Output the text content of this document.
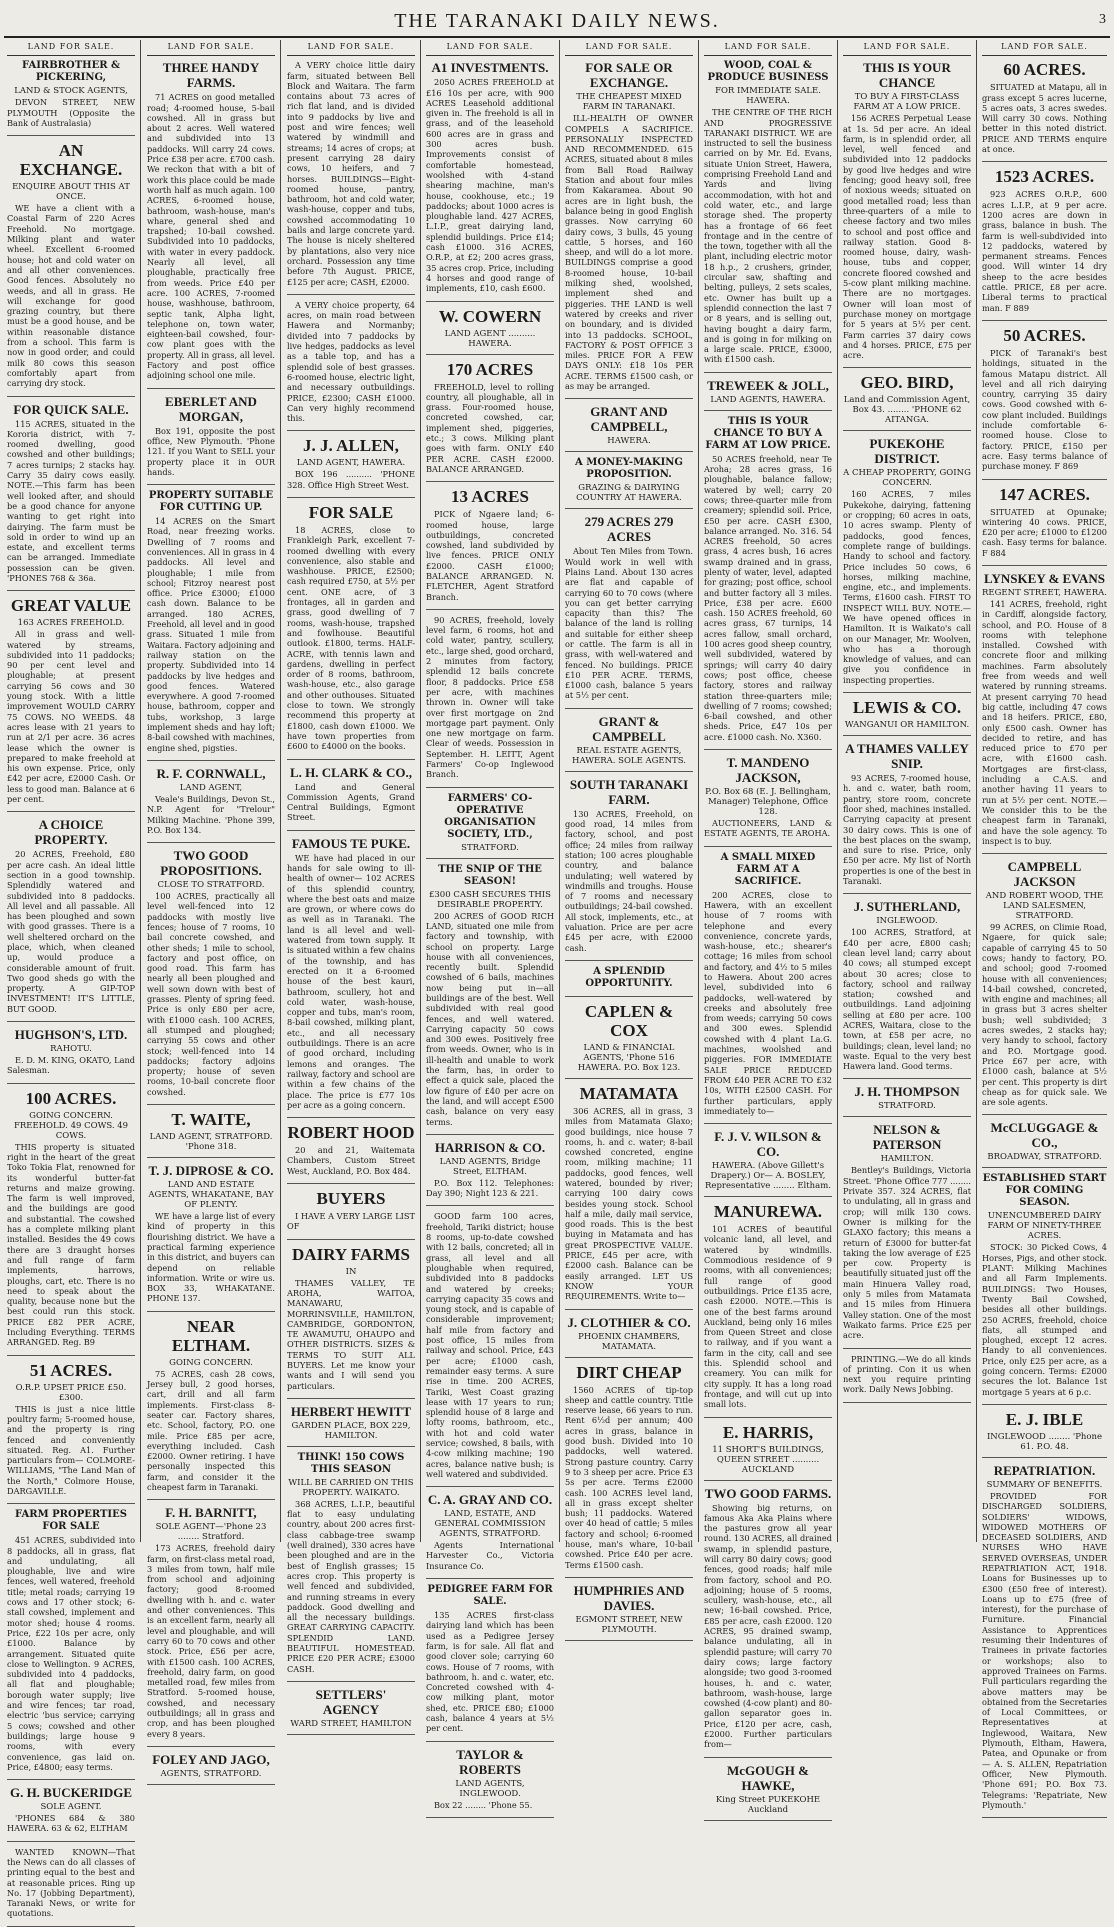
THE TARANAKI DAILY NEWS.	3
LAND FOR SALE.
FAIRBROTHER & PICKERING,
LAND & STOCK AGENTS,

DEVON STREET, NEW PLYMOUTH (Opposite the Bank of Australasia)

AN EXCHANGE.
ENQUIRE ABOUT THIS AT ONCE.

WE have a client with a Coastal Farm of 220 Acres Freehold. No mortgage. Milking plant and water wheel. Excellent 6-roomed house; hot and cold water on and all other conveniences. Good fences. Absolutely no weeds, and all in grass. He will exchange for good grazing country, but there must be a good house, and be within reasonable distance from a school. This farm is now in good order, and could milk 80 cows this season comfortably apart from carrying dry stock.

FOR QUICK SALE.

115 ACRES, situated in the Kororia district, with 7-roomed dwelling, good cowshed and other buildings; 7 acres turnips; 2 stacks hay. Carry 35 dairy cows easily. NOTE.—This farm has been well looked after, and should be a good chance for anyone wanting to get right into dairying. The farm must be sold in order to wind up an estate, and excellent terms can be arranged. Immediate possession can be given. 'PHONES 768 & 36a.

GREAT VALUE
163 ACRES FREEHOLD.

All in grass and well-watered by streams, subdivided into 11 paddocks; 90 per cent level and ploughable; at present carrying 56 cows and 30 young stock. With a little improvement WOULD CARRY 75 COWS. NO WEEDS. 48 acres lease with 21 years to run at 2/1 per acre. 36 acres lease which the owner is prepared to make freehold at his own expense. Price, only £42 per acre, £2000 Cash. Or less to good man. Balance at 6 per cent.

A CHOICE PROPERTY.

20 ACRES, Freehold, £80 per acre cash. An ideal little section in a good township. Splendidly watered and subdivided into 8 paddocks. All level and all passable. All has been ploughed and sown with good grasses. There is a well sheltered orchard on the place, which, when cleaned up, would produce a considerable amount of fruit. Two good sheds go with the property. A GIP-TOP INVESTMENT! IT'S LITTLE, BUT GOOD.

HUGHSON'S, LTD.
RAHOTU.

E. D. M. KING, OKATO, Land Salesman.

100 ACRES.
GOING CONCERN. FREEHOLD. 49 COWS. 49 COWS.

THIS property is situated right in the heart of the great Toko Tokia Flat, renowned for its wonderful butter-fat returns and maize growing. The farm is well improved, and the buildings are good and substantial. The cowshed has a complete milking plant installed. Besides the 49 cows there are 3 draught horses and full range of farm implements, harrows, ploughs, cart, etc. There is no need to speak about the quality, because none but the best could run this stock. PRICE £82 PER ACRE, Including Everything. TERMS ARRANGED. Reg. B9

51 ACRES.
O.R.P. UPSET PRICE £50. £300.

THIS is just a nice little poultry farm; 5-roomed house, and the property is ring fenced and conveniently situated. Reg. A1. Further particulars from— COLMORE-WILLIAMS, "The Land Man of the North," Colmore House, DARGAVILLE.

FARM PROPERTIES FOR SALE

451 ACRES, subdivided into 8 paddocks, all in grass, flat and undulating, all ploughable, live and wire fences, well watered, freehold title; metal roads; carrying 19 cows and 17 other stock; 6-stall cowshed, implement and motor shed; house 4 rooms. Price, £22 10s per acre, only £1000. Balance by arrangement. Situated quite close to Wellington. 9 ACRES, subdivided into 4 paddocks, all flat and ploughable; borough water supply; live and wire fences; tar road, electric 'bus service; carrying 5 cows; cowshed and other buildings; large house 9 rooms, with every convenience, gas laid on. Price, £4800; easy terms.

G. H. BUCKERIDGE
SOLE AGENT.

'PHONES 684 & 380 HAWERA. 63 & 62, ELTHAM

WANTED KNOWN—That the News can do all classes of printing equal to the best and at reasonable prices. Ring up No. 17 (Jobbing Department), Taranaki News, or write for quotations.

LAND FOR SALE.
THREE HANDY FARMS.

71 ACRES on good metalled road; 4-roomed house, 5-bail cowshed. All in grass but about 2 acres. Well watered and subdivided into 13 paddocks. Will carry 24 cows. Price £38 per acre. £700 cash. We reckon that with a bit of work this place could be made worth half as much again. 100 ACRES, 6-roomed house, bathroom, wash-house, man's whare, general shed and trapshed; 10-bail cowshed. Subdivided into 10 paddocks, with water in every paddock. Nearly all level, all ploughable, practically free from weeds. Price £40 per acre. 100 ACRES, 7-roomed house, washhouse, bathroom, septic tank, Alpha light, telephone on, town water, eighteen-bail cowshed, four-cow plant goes with the property. All in grass, all level. Factory and post office adjoining school one mile.

EBERLET AND MORGAN,

Box 191, opposite the post office, New Plymouth. 'Phone 121. If you Want to SELL your property place it in OUR hands.

PROPERTY SUITABLE FOR CUTTING UP.

14 ACRES on the Smart Road, near freezing works. Dwelling of 7 rooms and conveniences. All in grass in 4 paddocks. All level and ploughable; 1 mile from school; Fitzroy nearest post office. Price £3000; £1000 cash down. Balance to be arranged. 180 ACRES, Freehold, all level and in good grass. Situated 1 mile from Waitara. Factory adjoining and railway station on the property. Subdivided into 14 paddocks by live hedges and good fences. Watered everywhere. A good 7-roomed house, bathroom, copper and tubs, workshop, 3 large implement sheds and hay loft; 8-bail cowshed with machines, engine shed, pigsties.

R. F. CORNWALL,
LAND AGENT,

Veale's Buildings, Devon St., N.P. Agent for "Trelour" Milking Machine. 'Phone 399, P.O. Box 134.

TWO GOOD PROPOSITIONS.
CLOSE TO STRATFORD.

100 ACRES, practically all level well-fenced into 12 paddocks with mostly live fences; house of 7 rooms, 10 bail concrete cowshed, and other sheds; 1 mile to school, factory and post office, on good road. This farm has nearly all been ploughed and well sown down with best of grasses. Plenty of spring feed. Price is only £80 per acre, with £1000 cash. 100 ACRES, all stumped and ploughed; carrying 55 cows and other stock; well-fenced into 14 paddocks; factory adjoins property; house of seven rooms, 10-bail concrete floor cowshed.

T. WAITE,
LAND AGENT, STRATFORD. 'Phone 318.
T. J. DIPROSE & CO.
LAND AND ESTATE AGENTS, WHAKATANE, BAY OF PLENTY.

WE have a large list of every kind of property in this flourishing district. We have a practical farming experience in this district, and buyers can depend on reliable information. Write or wire us. BOX 33, WHAKATANE. PHONE 137.

NEAR ELTHAM.
GOING CONCERN.

75 ACRES, cash 28 cows, Jersey bull, 2 good horses, cart, drill and all farm implements. First-class 8-seater car. Factory shares, etc. School, factory, P.O. one mile. Price £85 per acre, everything included. Cash £2000. Owner retiring. I have personally inspected this farm, and consider it the cheapest farm in Taranaki.

F. H. BARNITT,
SOLE AGENT—'Phone 23 ........ Stratford.

173 ACRES, freehold dairy farm, on first-class metal road, 3 miles from town, half mile from school and adjoining factory; good 8-roomed dwelling with h. and c. water and other conveniences. This is an excellent farm, nearly all level and ploughable, and will carry 60 to 70 cows and other stock. Price, £56 per acre, with £1500 cash. 100 ACRES, freehold, dairy farm, on good metalled road, few miles from Stratford. 5-roomed house, cowshed, and necessary outbuildings; all in grass and crop, and has been ploughed every 8 years.

FOLEY AND JAGO,
AGENTS, STRATFORD.
LAND FOR SALE.

A VERY choice little dairy farm, situated between Bell Block and Waitara. The farm contains about 73 acres of rich flat land, and is divided into 9 paddocks by live and post and wire fences; well watered by windmill and streams; 14 acres of crops; at present carrying 28 dairy cows, 10 heifers, and 7 horses. BUILDINGS—Eight-roomed house, pantry, bathroom, hot and cold water, wash-house, copper and tubs, cowshed accommodating 10 bails and large concrete yard. The house is nicely sheltered by plantations, also very nice orchard. Possession any time before 7th August. PRICE, £125 per acre; CASH, £2000.

A VERY choice property, 64 acres, on main road between Hawera and Normanby; divided into 7 paddocks by live hedges, paddocks as level as a table top, and has a splendid sole of best grasses. 6-roomed house, electric light, and necessary outbuildings. PRICE, £2300; CASH £1000. Can very highly recommend this.

J. J. ALLEN,
LAND AGENT, HAWERA.

BOX 196 .......... 'PHONE 328. Office High Street West.

FOR SALE

18 ACRES, close to Frankleigh Park, excellent 7-roomed dwelling with every convenience, also stable and washhouse. PRICE, £2500; cash required £750, at 5½ per cent. ONE acre, of 3 frontages, all in garden and grass, good dwelling of 7 rooms, wash-house, trapshed and fowlhouse. Beautiful outlook. £1800, terms. HALF-ACRE, with tennis lawn and gardens, dwelling in perfect order of 8 rooms, bathroom, wash-house, etc., also garage and other outhouses. Situated close to town. We strongly recommend this property at £1800, cash down £1000. We have town properties from £600 to £4000 on the books.

L. H. CLARK & CO.,

Land and General Commission Agents, Grand Central Buildings, Egmont Street.

FAMOUS TE PUKE.

WE have had placed in our hands for sale owing to ill-health of owner— 102 ACRES of this splendid country, where the best oats and maize are grown, or where cows do as well as in Taranaki. The land is all level and well-watered from town supply. It is situated within a few chains of the township, and has erected on it a 6-roomed house of the best kauri, bathroom, scullery, hot and cold water, wash-house, copper and tubs, man's room, 8-bail cowshed, milking plant, etc., and all necessary outbuildings. There is an acre of good orchard, including lemons and oranges. The railway, factory and school are within a few chains of the place. The price is £77 10s per acre as a going concern.

ROBERT HOOD

20 and 21, Waitemata Chambers, Custom Street West, Auckland, P.O. Box 484.

BUYERS

I HAVE A VERY LARGE LIST OF

DAIRY FARMS
IN

THAMES VALLEY, TE AROHA, WAITOA, MANAWARU, MORRINSVILLE, HAMILTON, CAMBRIDGE, GORDONTON, TE AWAMUTU, OHAUPO and OTHER DISTRICTS. SIZES & TERMS TO SUIT ALL BUYERS. Let me know your wants and I will send you particulars.

HERBERT HEWITT
GARDEN PLACE, BOX 229, HAMILTON.
THINK! 150 COWS THIS SEASON
WILL BE CARRIED ON THIS PROPERTY. WAIKATO.

368 ACRES, L.I.P., beautiful flat to easy undulating country, about 200 acres first-class cabbage-tree swamp (well drained), 330 acres have been ploughed and are in the best of English grasses; 15 acres crop. This property is well fenced and subdivided, and running streams in every paddock. Good dwelling and all the necessary buildings. GREAT CARRYING CAPACITY. SPLENDID LAND. BEAUTIFUL HOMESTEAD. PRICE £20 PER ACRE; £3000 CASH.

SETTLERS' AGENCY
WARD STREET, HAMILTON
LAND FOR SALE.
A1 INVESTMENTS.

2050 ACRES FREEHOLD at £16 10s per acre, with 900 ACRES Leasehold additional given in. The freehold is all in grass, and of the leasehold 600 acres are in grass and 300 acres bush. Improvements consist of comfortable homestead, woolshed with 4-stand shearing machine, man's house, cookhouse, etc.; 19 paddocks; about 1000 acres is ploughable land. 427 ACRES, L.I.P., great dairying land, splendid buildings. Price £14; cash £1000. 316 ACRES, O.R.P., at £2; 200 acres grass, 35 acres crop. Price, including 4 horses and good range of implements, £10, cash £600.

W. COWERN
LAND AGENT .......... HAWERA.
170 ACRES

FREEHOLD, level to rolling country, all ploughable, all in grass. Four-roomed house, concreted cowshed, car, implement shed, piggeries, etc.; 3 cows. Milking plant goes with farm. ONLY £40 PER ACRE. CASH £2000. BALANCE ARRANGED.

13 ACRES

PICK of Ngaere land; 6-roomed house, large outbuildings, concreted cowshed, land subdivided by live fences. PRICE ONLY £2000. CASH £1000; BALANCE ARRANGED. N. FLETCHER, Agent Stratford Branch.

90 ACRES, freehold, lovely level farm, 6 rooms, hot and cold water, pantry, scullery, etc., large shed, good orchard, 2 minutes from factory, splendid 12 bails concrete floor, 8 paddocks. Price £58 per acre, with machines thrown in. Owner will take over first mortgage on 2nd mortgage part payment. Only one new mortgage on farm. Clear of weeds. Possession in September. H. LEITT, Agent Farmers' Co-op Inglewood Branch.

FARMERS' CO-OPERATIVE ORGANISATION SOCIETY, LTD.,
STRATFORD.
THE SNIP OF THE SEASON!
£300 CASH SECURES THIS DESIRABLE PROPERTY.

200 ACRES of GOOD RICH LAND, situated one mile from factory and township, with school on property. Large house with all conveniences, recently built. Splendid cowshed of 6 bails, machines now being put in—all buildings are of the best. Well subdivided with real good fences, and well watered. Carrying capacity 50 cows and 300 ewes. Positively free from weeds. Owner, who is in ill-health and unable to work the farm, has, in order to effect a quick sale, placed the low figure of £40 per acre on the land, and will accept £500 cash, balance on very easy terms.

HARRISON & CO.
LAND AGENTS, Bridge Street, ELTHAM.

P.O. Box 112. Telephones: Day 390; Night 123 & 221.

GOOD farm 100 acres, freehold, Tariki district; house 8 rooms, up-to-date cowshed with 12 bails, concreted; all in grass, all level and all ploughable when required, subdivided into 8 paddocks and watered by creeks; carrying capacity 35 cows and young stock, and is capable of considerable improvement; half mile from factory and post office, 15 miles from railway and school. Price, £43 per acre; £1000 cash, remainder easy terms. A sure rise in time. 200 ACRES, Tariki, West Coast grazing lease with 17 years to run; splendid house of 8 large and lofty rooms, bathroom, etc., with hot and cold water service; cowshed, 8 bails, with 4-cow milking machine; 190 acres, balance native bush; is well watered and subdivided.

C. A. GRAY AND CO.
LAND, ESTATE, AND GENERAL COMMISSION AGENTS, STRATFORD.

Agents International Harvester Co., Victoria Insurance Co.

PEDIGREE FARM FOR SALE.

135 ACRES first-class dairying land which has been used as a Pedigree Jersey farm, is for sale. All flat and good clover sole; carrying 60 cows. House of 7 rooms, with bathroom, h. and c. water, etc. Concreted cowshed with 4-cow milking plant, motor shed, etc. PRICE £80; £1000 cash, balance 4 years at 5½ per cent.

TAYLOR & ROBERTS
LAND AGENTS, INGLEWOOD.

Box 22 ........ 'Phone 55.

LAND FOR SALE.
FOR SALE OR EXCHANGE.
THE CHEAPEST MIXED FARM IN TARANAKI.

ILL-HEALTH OF OWNER COMPELS A SACRIFICE. PERSONALLY INSPECTED AND RECOMMENDED. 615 ACRES, situated about 8 miles from Ball Road Railway Station and about four miles from Kakaramea. About 90 acres are in light bush, the balance being in good English grasses. Now carrying 60 dairy cows, 3 bulls, 45 young cattle, 5 horses, and 160 sheep, and will do a lot more. BUILDINGS comprise a good 8-roomed house, 10-bail milking shed, woolshed, implement shed and piggeries. THE LAND is well watered by creeks and river on boundary, and is divided into 13 paddocks. SCHOOL, FACTORY & POST OFFICE 3 miles. PRICE FOR A FEW DAYS ONLY: £18 10s PER ACRE. TERMS £1500 cash, or as may be arranged.

GRANT AND CAMPBELL,
HAWERA.
A MONEY-MAKING PROPOSITION.
GRAZING & DAIRYING COUNTRY AT HAWERA.
279 ACRES 279 ACRES

About Ten Miles from Town. Would work in well with Plains Land. About 130 acres are flat and capable of carrying 60 to 70 cows (where you can get better carrying capacity than this? The balance of the land is rolling and suitable for either sheep or cattle. The farm is all in grass, with well-watered and fenced. No buildings. PRICE £10 PER ACRE. TERMS, £1000 cash, balance 5 years at 5½ per cent.

GRANT & CAMPBELL
REAL ESTATE AGENTS, HAWERA. SOLE AGENTS.
SOUTH TARANAKI FARM.

130 ACRES, Freehold, on good road, 14 miles from factory, school, and post office; 24 miles from railway station; 100 acres ploughable country, and balance undulating; well watered by windmills and troughs. House of 7 rooms and necessary outbuildings; 24-bail cowshed. All stock, implements, etc., at valuation. Price are per acre £45 per acre, with £2000 cash.

A SPLENDID OPPORTUNITY.
CAPLEN & COX
LAND & FINANCIAL AGENTS, 'Phone 516 HAWERA. P.O. Box 123.
MATAMATA

306 ACRES, all in grass, 3 miles from Matamata Glaxo; good buildings, nice house 7 rooms, h. and c. water; 8-bail cowshed concreted, engine room, milking machine; 11 paddocks, good fences, well watered, bounded by river; carrying 100 dairy cows besides young stock. School half a mile, daily mail service, good roads. This is the best buying in Matamata and has great PROSPECTIVE VALUE. PRICE, £45 per acre, with £2000 cash. Balance can be easily arranged. LET US KNOW YOUR REQUIREMENTS. Write to—

J. CLOTHIER & CO.
PHOENIX CHAMBERS, MATAMATA.
DIRT CHEAP

1560 ACRES of tip-top sheep and cattle country. Title reserve lease, 66 years to run. Rent 6½d per annum; 400 acres in grass, balance in good bush. Divided into 10 paddocks, well watered. Strong pasture country. Carry 9 to 3 sheep per acre. Price £3 5s per acre. Terms £2000 cash. 100 ACRES level land, all in grass except shelter bush; 11 paddocks. Watered over 40 head of cattle; 5 miles factory and school; 6-roomed house, man's whare, 10-bail cowshed. Price £40 per acre. Terms £1500 cash.

HUMPHRIES AND DAVIES.
EGMONT STREET, NEW PLYMOUTH.
LAND FOR SALE.
WOOD, COAL & PRODUCE BUSINESS
FOR IMMEDIATE SALE. HAWERA.

THE CENTRE OF THE RICH AND PROGRESSIVE TARANAKI DISTRICT. WE are instructed to sell the business carried on by Mr. Ed. Evans, situate Union Street, Hawera, comprising Freehold Land and Yards and living accommodation, with hot and cold water, etc., and large storage shed. The property has a frontage of 66 feet frontage and in the centre of the town, together with all the plant, including electric motor 18 h.p., 2 crushers, grinder, circular saw, shafting and belting, pulleys, 2 sets scales, etc. Owner has built up a splendid connection the last 7 or 8 years, and is selling out, having bought a dairy farm, and is going in for milking on a large scale. PRICE, £3000, with £1500 cash.

TREWEEK & JOLL,
LAND AGENTS, HAWERA.
THIS IS YOUR CHANCE TO BUY A FARM AT LOW PRICE.

50 ACRES freehold, near Te Aroha; 28 acres grass, 16 ploughable, balance fallow; watered by well; carry 20 cows; three-quarter mile from creamery; splendid soil. Price, £50 per acre. CASH £300, balance arranged. No. 316. 54 ACRES freehold, 50 acres grass, 4 acres bush, 16 acres swamp drained and in grass, plenty of water, level, adapted for grazing; post office, school and butter factory all 3 miles. Price, £38 per acre. £600 cash. 150 ACRES freehold, 60 acres grass, 67 turnips, 14 acres fallow, small orchard, 100 acres good sheep country, well subdivided, watered by springs; will carry 40 dairy cows; post office, cheese factory, stores and railway station three-quarters mile; dwelling of 7 rooms; cowshed; 6-bail cowshed, and other sheds. Price, £47 10s per acre. £1000 cash. No. X360.

T. MANDENO JACKSON,
P.O. Box 68 (E. J. Bellingham, Manager) Telephone, Office 128.

AUCTIONEERS, LAND & ESTATE AGENTS, TE AROHA.

A SMALL MIXED FARM AT A SACRIFICE.

200 ACRES, close to Hawera, with an excellent house of 7 rooms with telephone and every convenience, concrete yards, wash-house, etc.; shearer's cottage; 16 miles from school and factory, and 4½ to 5 miles to Hawera. About 200 acres level, subdivided into 6 paddocks, well-watered by creeks and absolutely free from weeds; carrying 50 cows and 300 ewes. Splendid cowshed with 4 plant La.G. machines, woolshed and piggeries. FOR IMMEDIATE SALE PRICE REDUCED FROM £40 PER ACRE TO £32 10s, WITH £2500 CASH. For further particulars, apply immediately to—

F. J. V. WILSON & CO.
HAWERA. (Above Gillett's Drapery.) Or— A. BOSLEY, Representative ........ Eltham.
MANUREWA.

101 ACRES of beautiful volcanic land, all level, and watered by windmills. Commodious residence of 9 rooms, with all conveniences; full range of good outbuildings. Price £135 acre, cash £2000. NOTE.—This is one of the best farms around Auckland, being only 16 miles from Queen Street and close to railway, and if you want a farm in the city, call and see this. Splendid school and creamery. You can milk for city supply. It has a long road frontage, and will cut up into small lots.

E. HARRIS,
11 SHORT'S BUILDINGS, QUEEN STREET .......... AUCKLAND
TWO GOOD FARMS.

Showing big returns, on famous Aka Aka Plains where the pastures grow all year round. 130 ACRES, all drained swamp, in splendid pasture, will carry 80 dairy cows; good fences, good roads; half mile from factory, school and P.O. adjoining; house of 5 rooms, scullery, wash-house, etc., all new; 16-bail cowshed. Price, £85 per acre, cash £2000. 120 ACRES, 95 drained swamp, balance undulating, all in splendid pasture; will carry 70 dairy cows; large factory alongside; two good 3-roomed houses, h. and c. water, bathroom, wash-house, large cowshed (4-cow plant) and 80-gallon separator goes in. Price, £120 per acre, cash, £2000. Further particulars from—

McGOUGH & HAWKE,
King Street PUKEKOHE Auckland
LAND FOR SALE.
THIS IS YOUR CHANCE
TO BUY A FIRST-CLASS FARM AT A LOW PRICE.

156 ACRES Perpetual Lease at 1s. 5d per acre. An ideal farm, is in splendid order, all level, well fenced and subdivided into 12 paddocks by good live hedges and wire fencing; good heavy soil, free of noxious weeds; situated on good metalled road; less than three-quarters of a mile to cheese factory and two miles to school and post office and railway station. Good 8-roomed house, dairy, wash-house, tubs and copper, concrete floored cowshed and 5-cow plant milking machine. There are no mortgages. Owner will loan most of purchase money on mortgage for 5 years at 5½ per cent. Farm carries 37 dairy cows and 4 horses. PRICE, £75 per acre.

GEO. BIRD,
Land and Commission Agent, Box 43. ........ 'PHONE 62 AITANGA.
PUKEKOHE DISTRICT.
A CHEAP PROPERTY, GOING CONCERN.

160 ACRES, 7 miles Pukekohe, dairying, fattening or cropping; 60 acres in oats, 10 acres swamp. Plenty of paddocks, good fences, complete range of buildings. Handy to school and factory. Price includes 50 cows, 6 horses, milking machine, engine, etc., and implements. Terms, £1600 cash. FIRST TO INSPECT WILL BUY. NOTE.—We have opened offices in Hamilton. It is Waikato's call on our Manager, Mr. Woolven, who has a thorough knowledge of values, and can give you confidence in inspecting properties.

LEWIS & CO.
WANGANUI OR HAMILTON.
A THAMES VALLEY SNIP.

93 ACRES, 7-roomed house, h. and c. water, bath room, pantry, store room, concrete floor shed, machines installed. Carrying capacity at present 30 dairy cows. This is one of the best places on the swamp, and sure to rise. Price, only £50 per acre. My list of North properties is one of the best in Taranaki.

J. SUTHERLAND,
INGLEWOOD.

100 ACRES, Stratford, at £40 per acre, £800 cash; clean level land; carry about 40 cows; all stumped except about 30 acres; close to factory, school and railway station; cowshed and outbuildings. Land adjoining selling at £80 per acre. 100 ACRES, Waitara, close to the town, at £58 per acre, no buildings; clean, level land; no waste. Equal to the very best Hawera land. Good terms.

J. H. THOMPSON
STRATFORD.
NELSON & PATERSON
HAMILTON.

Bentley's Buildings, Victoria Street. 'Phone Office 777 ........ Private 357. 324 ACRES, flat to undulating, all in grass and crop; will milk 130 cows. Owner is milking for the GLAXO factory; this means a return of £3000 for butter-fat taking the low average of £25 per cow. Property is beautifully situated just off the main Hinuera Valley road, only 5 miles from Matamata and 15 miles from Hinuera Valley station. One of the most Waikato farms. Price £25 per acre.

PRINTING.—We do all kinds of printing. Con it us when next you require printing work. Daily News Jobbing.

LAND FOR SALE.
60 ACRES.

SITUATED at Matapu, all in grass except 5 acres lucerne, 5 acres oats, 3 acres swedes. Will carry 30 cows. Nothing better in this noted district. PRICE AND TERMS enquire at once.

1523 ACRES.

923 ACRES O.R.P., 600 acres L.I.P., at 9 per acre. 1200 acres are down in grass, balance in bush. The farm is well-subdivided into 12 paddocks, watered by permanent streams. Fences good. Will winter 14 dry sheep to the acre besides cattle. PRICE, £8 per acre. Liberal terms to practical man. F 889

50 ACRES.

PICK of Taranaki's best holdings, situated in the famous Matapu district. All level and all rich dairying country, carrying 35 dairy cows. Good cowshed with 6-cow plant included. Buildings include comfortable 6-roomed house. Close to factory. PRICE, £150 per acre. Easy terms balance of purchase money. F 869

147 ACRES.

SITUATED at Opunake; wintering 40 cows. PRICE, £20 per acre; £1000 to £1200 cash. Easy terms for balance. F 884

LYNSKEY & EVANS
REGENT STREET, HAWERA.

141 ACRES, freehold, right in Cardiff, alongside factory, school, and P.O. House of 8 rooms with telephone installed. Cowshed with concrete floor and milking machines. Farm absolutely free from weeds and well watered by running streams. At present carrying 70 head big cattle, including 47 cows and 18 heifers. PRICE, £80, only £500 cash. Owner has decided to retire, and has reduced price to £70 per acre, with £1600 cash. Mortgages are first-class, including a C.A.S. and another having 11 years to run at 5½ per cent. NOTE.—We consider this to be the cheapest farm in Taranaki, and have the sole agency. To inspect is to buy.

CAMPBELL JACKSON
AND ROBERT WOOD, THE LAND SALESMEN, STRATFORD.

99 ACRES, on Climie Road, Ngaere, for quick sale; capable of carrying 45 to 50 cows; handy to factory, P.O. and school; good 7-roomed house with all conveniences; 14-bail cowshed, concreted, with engine and machines; all in grass but 3 acres shelter bush; well subdivided; 3 acres swedes, 2 stacks hay; very handy to school, factory and P.O. Mortgage good. Price £67 per acre, with £1000 cash, balance at 5½ per cent. This property is dirt cheap as for quick sale. We are sole agents.

McCLUGGAGE & CO.,
BROADWAY, STRATFORD.
ESTABLISHED START FOR COMING SEASON.
UNENCUMBERED DAIRY FARM OF NINETY-THREE ACRES.

STOCK: 30 Picked Cows, 4 Horses, Pigs, and other stock. PLANT: Milking Machines and all Farm Implements. BUILDINGS: Two Houses, Twenty Bail Cowshed, besides all other buildings. 250 ACRES, freehold, choice flats, all stumped and ploughed, except 12 acres. Handy to all conveniences. Price, only £25 per acre, as a going concern. Terms: £2000 secures the lot. Balance 1st mortgage 5 years at 6 p.c.

E. J. IBLE
INGLEWOOD ........ 'Phone 61. P.O. 48.
REPATRIATION.
SUMMARY OF BENEFITS.

PROVIDED FOR DISCHARGED SOLDIERS, SOLDIERS' WIDOWS, WIDOWED MOTHERS OF DECEASED SOLDIERS, AND NURSES WHO HAVE SERVED OVERSEAS, UNDER REPATRIATION ACT, 1918. Loans for Businesses up to £300 (£50 free of interest). Loans up to £75 (free of interest), for the purchase of Furniture. Financial Assistance to Apprentices resuming their Indentures of Trainees in private factories or workshops; also to approved Trainees on Farms. Full particulars regarding the above matters may be obtained from the Secretaries of Local Committees, or Representatives at Inglewood, Waitara, New Plymouth, Eltham, Hawera, Patea, and Opunake or from— A. S. ALLEN, Repatriation Officer, New Plymouth. 'Phone 691; P.O. Box 73. Telegrams: 'Repatriate, New Plymouth.'
